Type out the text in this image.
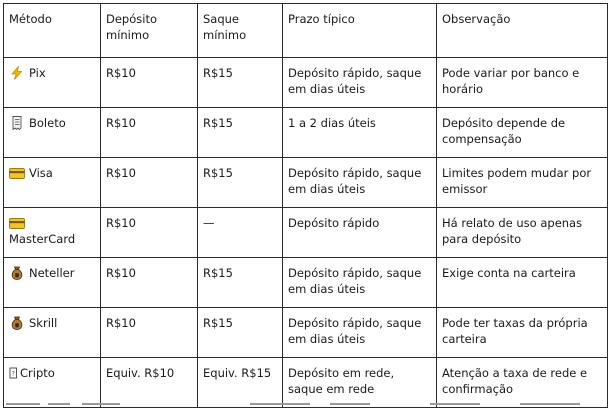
Método	Depósito mínimo	Saque mínimo	Prazo típico	Observação

Pix	R$10	R$15	Depósito rápido, saque em dias úteis	Pode variar por banco e horário

Boleto	R$10	R$15	1 a 2 dias úteis	Depósito depende de compensação

Visa	R$10	R$15	Depósito rápido, saque em dias úteis	Limites podem mudar por emissor

MasterCard	R$10	—	Depósito rápido	Há relato de uso apenas para depósito

Neteller	R$10	R$15	Depósito rápido, saque em dias úteis	Exige conta na carteira

Skrill	R$10	R$15	Depósito rápido, saque em dias úteis	Pode ter taxas da própria carteira

? Cripto	Equiv. R$10	Equiv. R$15	Depósito em rede, saque em rede	Atenção a taxa de rede e confirmação
